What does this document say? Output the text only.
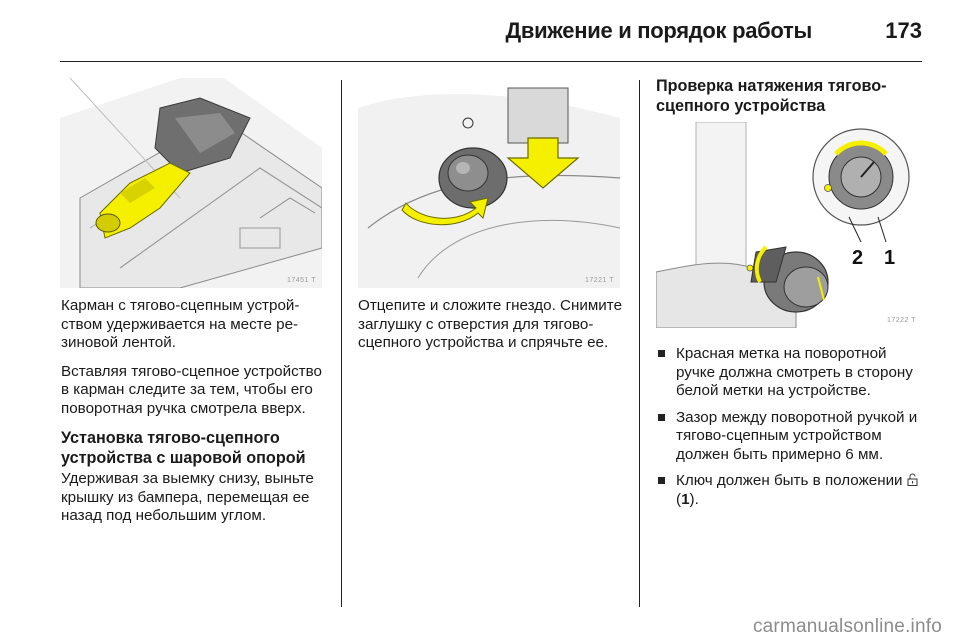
Движение и порядок работы	173
17451 T	17221 T
2 1
17222 T

Карман с тягово-сцепным устройством удерживается на месте резиновой лентой.

Вставляя тягово-сцепное устройство в карман следите за тем, чтобы его поворотная ручка смотрела вверх.

Установка тягово-сцепного устройства с шаровой опорой

Удерживая за выемку снизу, выньте крышку из бампера, перемещая ее назад под небольшим углом.

Отцепите и сложите гнездо. Снимите заглушку с отверстия для тягово-сцепного устройства и спрячьте ее.

Проверка натяжения тягово-сцепного устройства
Красная метка на поворотной ручке должна смотреть в сторону белой метки на устройстве.
Зазор между поворотной ручкой и тягово-сцепным устройством должен быть примерно 6 мм.
Ключ должен быть в положении  (1).
carmanualsonline.info
